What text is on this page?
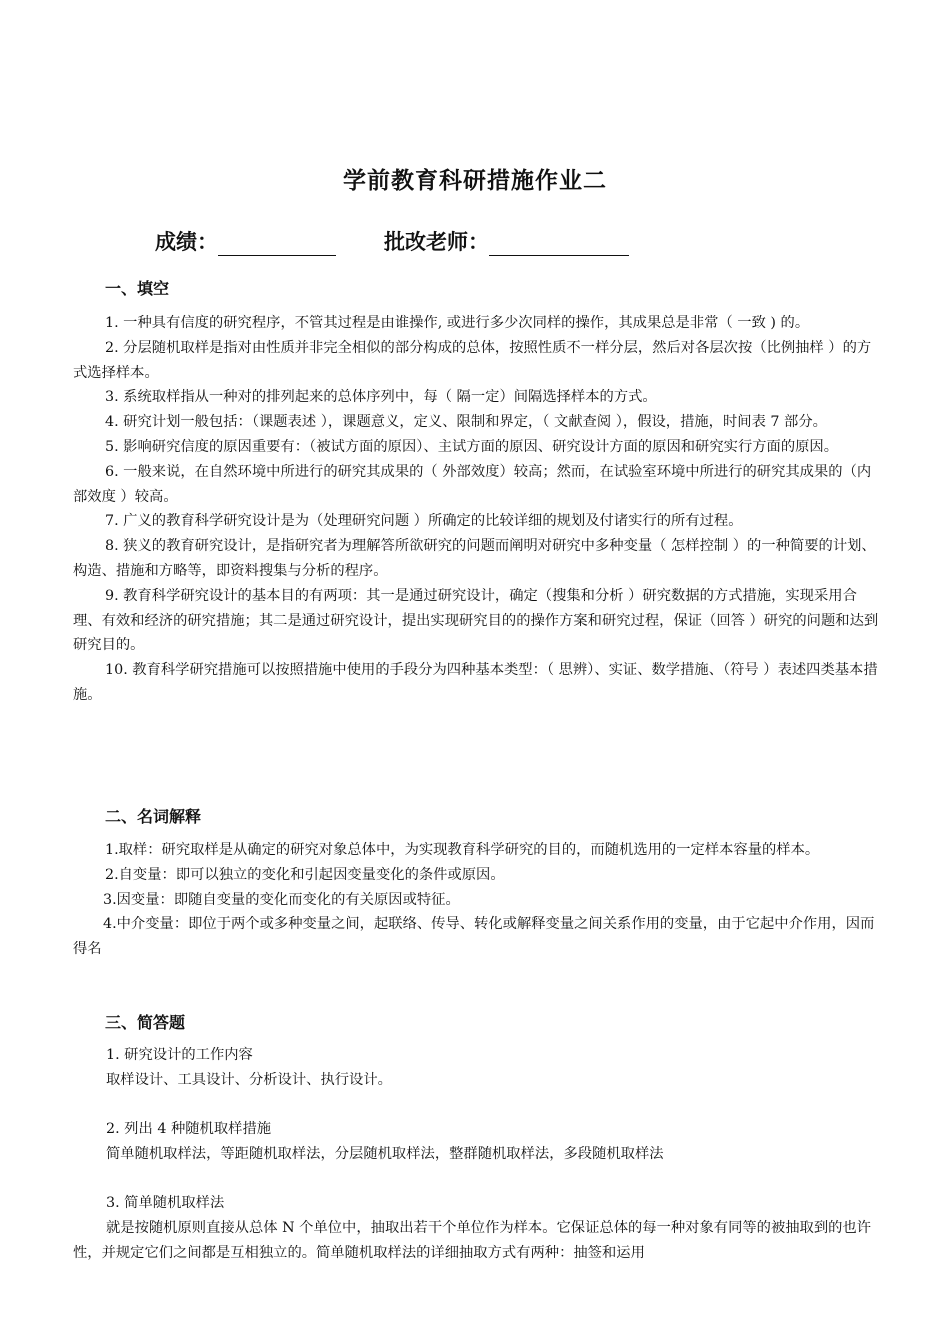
学前教育科研措施作业二
成绩：	批改老师：
一、填空

1. 一种具有信度的研究程序，不管其过程是由谁操作, 或进行多少次同样的操作，其成果总是非常（ 一致 ) 的。

2. 分层随机取样是指对由性质并非完全相似的部分构成的总体，按照性质不一样分层，然后对各层次按（比例抽样 ）的方式选择样本。

3. 系统取样指从一种对的排列起来的总体序列中，每（ 隔一定）间隔选择样本的方式。

4. 研究计划一般包括：（课题表述 ），课题意义，定义、限制和界定，（ 文献查阅 ），假设，措施，时间表 7 部分。

5. 影响研究信度的原因重要有：（被试方面的原因）、主试方面的原因、研究设计方面的原因和研究实行方面的原因。

6. 一般来说，在自然环境中所进行的研究其成果的（ 外部效度）较高；然而，在试验室环境中所进行的研究其成果的（内部效度 ）较高。

7. 广义的教育科学研究设计是为（处理研究问题 ）所确定的比较详细的规划及付诸实行的所有过程。

8. 狭义的教育研究设计，是指研究者为理解答所欲研究的问题而阐明对研究中多种变量（ 怎样控制 ）的一种简要的计划、构造、措施和方略等，即资料搜集与分析的程序。

9. 教育科学研究设计的基本目的有两项：其一是通过研究设计，确定（搜集和分析 ）研究数据的方式措施，实现采用合理、有效和经济的研究措施；其二是通过研究设计，提出实现研究目的的操作方案和研究过程，保证（回答 ）研究的问题和达到研究目的。

10. 教育科学研究措施可以按照措施中使用的手段分为四种基本类型：（ 思辨）、实证、数学措施、（符号 ）表述四类基本措施。

二、名词解释

1.取样：研究取样是从确定的研究对象总体中，为实现教育科学研究的目的，而随机选用的一定样本容量的样本。

2.自变量：即可以独立的变化和引起因变量变化的条件或原因。

3.因变量：即随自变量的变化而变化的有关原因或特征。

4.中介变量：即位于两个或多种变量之间，起联络、传导、转化或解释变量之间关系作用的变量，由于它起中介作用，因而得名

三、简答题

1. 研究设计的工作内容

取样设计、工具设计、分析设计、执行设计。

2. 列出 4 种随机取样措施

简单随机取样法，等距随机取样法，分层随机取样法，整群随机取样法，多段随机取样法

3. 简单随机取样法

就是按随机原则直接从总体 N 个单位中，抽取出若干个单位作为样本。它保证总体的每一种对象有同等的被抽取到的也许性，并规定它们之间都是互相独立的。简单随机取样法的详细抽取方式有两种：抽签和运用
